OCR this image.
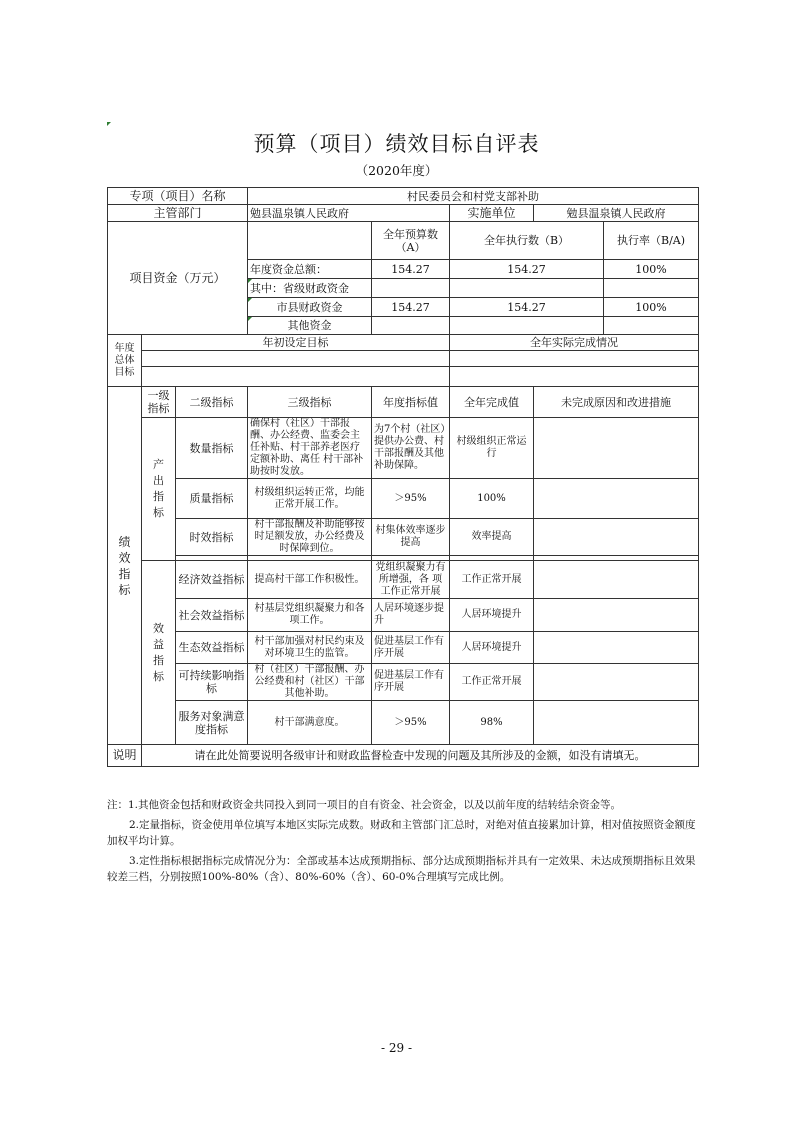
预算（项目）绩效目标自评表
（2020年度）
专项（项目）名称			村民委员会和村党支部补助				
主管部门			勉县温泉镇人民政府		实施单位	勉县温泉镇人民政府	
项目资金（万元）				全年预算数（A）	全年执行数（B）		执行率（B/A)
			年度资金总额：	154.27	154.27		100%
			其中：省级财政资金				
			市县财政资金	154.27	154.27		100%
			其他资金				
年度总体目标	年初设定目标				全年实际完成情况		

绩效指标	一级指标	二级指标	三级指标	年度指标值	全年完成值	未完成原因和改进措施	
	产出指标	数量指标	确保村（社区）干部报酬、办公经费、监委会主任补贴、村干部养老医疗定额补助、离任 村干部补助按时发放。	为7个村（社区）提供办公费、村干部报酬及其他补助保障。	村级组织正常运行		
		质量指标	村级组织运转正常，均能正常开展工作。	＞95%	100%		
		时效指标	村干部报酬及补助能够按时足额发放，办公经费及时保障到位。	村集体效率逐步提高	效率提高		

	效益指标	经济效益指标	提高村干部工作积极性。	党组织凝聚力有所增强，各 项工作正常开展	工作正常开展		
		社会效益指标	村基层党组织凝聚力和各项工作。	人居环境逐步提升	人居环境提升		
		生态效益指标	村干部加强对村民约束及对环境卫生的监管。	促进基层工作有序开展	人居环境提升		
		可持续影响指标	村（社区）干部报酬、办公经费和村（社区）干部其他补助。	促进基层工作有序开展	工作正常开展		
		服务对象满意度指标	村干部满意度。	＞95%	98%		
说明	请在此处简要说明各级审计和财政监督检查中发现的问题及其所涉及的金额，如没有请填无。						

注：1.其他资金包括和财政资金共同投入到同一项目的自有资金、社会资金，以及以前年度的结转结余资金等。

2.定量指标，资金使用单位填写本地区实际完成数。财政和主管部门汇总时，对绝对值直接累加计算，相对值按照资金额度加权平均计算。

3.定性指标根据指标完成情况分为：全部或基本达成预期指标、部分达成预期指标并具有一定效果、未达成预期指标且效果较差三档，分别按照100%-80%（含）、80%-60%（含）、60-0%合理填写完成比例。

- 29 -
